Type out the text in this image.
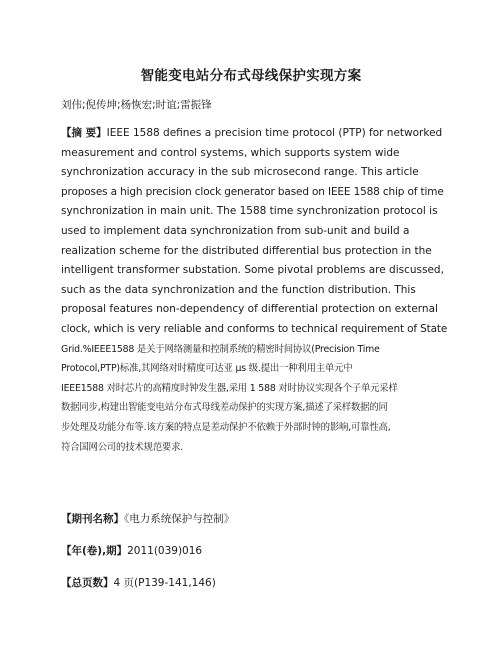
智能变电站分布式母线保护实现方案
刘伟;倪传坤;杨恢宏;时谊;雷振锋
【摘 要】IEEE 1588 defines a precision time protocol (PTP) for networked
measurement and control systems, which supports system wide
synchronization accuracy in the sub microsecond range. This article
proposes a high precision clock generator based on IEEE 1588 chip of time
synchronization in main unit. The 1588 time synchronization protocol is
used to implement data synchronization from sub-unit and build a
realization scheme for the distributed differential bus protection in the
intelligent transformer substation. Some pivotal problems are discussed,
such as the data synchronization and the function distribution. This
proposal features non-dependency of differential protection on external
clock, which is very reliable and conforms to technical requirement of State
Grid.%IEEE1588 是关于网络测量和控制系统的精密时间协议(Precision Time
Protocol,PTP)标准,其网络对时精度可达亚 μs 级.提出一种利用主单元中
IEEE1588 对时芯片的高精度时钟发生器,采用 1 588 对时协议实现各个子单元采样
数据同步,构建出智能变电站分布式母线差动保护的实现方案,描述了采样数据的同
步处理及功能分布等.该方案的特点是差动保护不依赖于外部时钟的影响,可靠性高,
符合国网公司的技术规范要求.
【期刊名称】《电力系统保护与控制》
【年(卷),期】2011(039)016
【总页数】4 页(P139-141,146)
